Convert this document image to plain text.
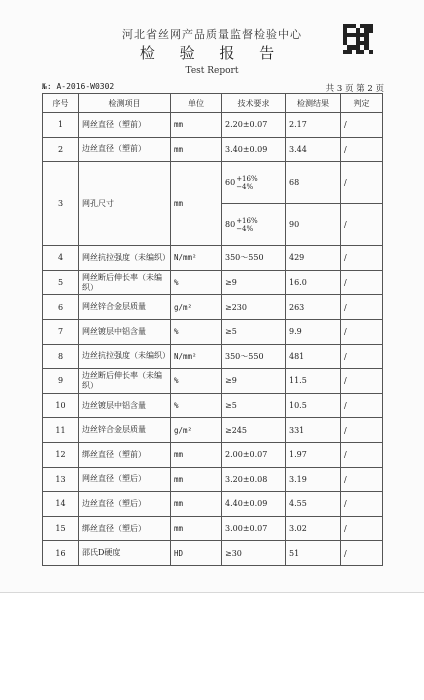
河北省丝网产品质量监督检验中心
检 验 报 告
Test Report
№: A-2016-W0302	共 3 页 第 2 页
序号	检测项目	单位	技术要求	检测结果	判定
1	网丝直径（塑前）	mm	2.20±0.07	2.17	/
2	边丝直径（塑前）	mm	3.40±0.09	3.44	/
3	网孔尺寸	mm	60 +16%
−4%	68	/

			80 +16%
−4%	90	/
4	网丝抗拉强度（未编织）	N/mm²	350～550	429	/
5	网丝断后伸长率（未编织）	%	≥9	16.0	/
6	网丝锌合金层质量	g/m²	≥230	263	/
7	网丝镀层中铝含量	%	≥5	9.9	/
8	边丝抗拉强度（未编织）	N/mm²	350～550	481	/
9	边丝断后伸长率（未编织）	%	≥9	11.5	/
10	边丝镀层中铝含量	%	≥5	10.5	/
11	边丝锌合金层质量	g/m²	≥245	331	/
12	绑丝直径（塑前）	mm	2.00±0.07	1.97	/
13	网丝直径（塑后）	mm	3.20±0.08	3.19	/
14	边丝直径（塑后）	mm	4.40±0.09	4.55	/
15	绑丝直径（塑后）	mm	3.00±0.07	3.02	/
16	邵氏D硬度	HD	≥30	51	/
